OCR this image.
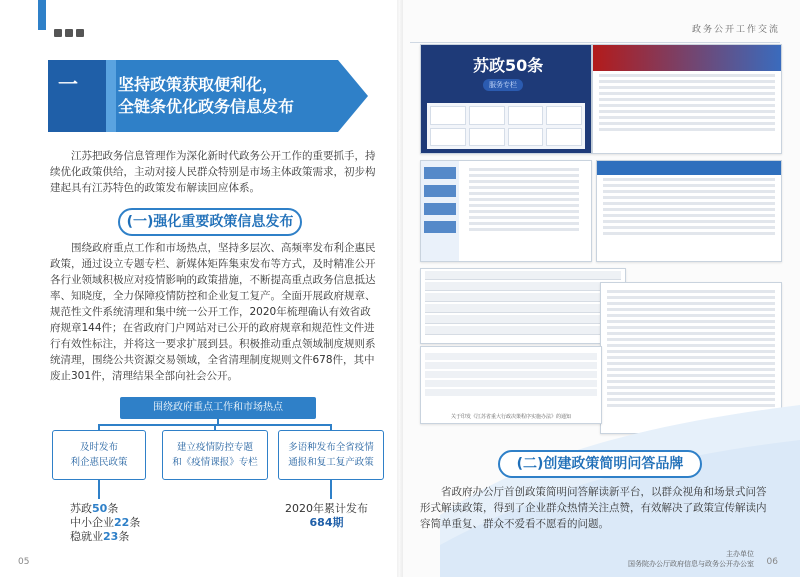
政务公开工作交流
一	坚持政策获取便利化，
全链条优化政务信息发布
江苏把政务信息管理作为深化新时代政务公开工作的重要抓手，持续优化政策供给，主动对接人民群众特别是市场主体政策需求，初步构建起具有江苏特色的政策发布解读回应体系。
(一)强化重要政策信息发布
围绕政府重点工作和市场热点，坚持多层次、高频率发布利企惠民政策，通过设立专题专栏、新媒体矩阵集束发布等方式，及时精准公开各行业领域积极应对疫情影响的政策措施，不断提高重点政务信息抵达率、知晓度，全力保障疫情防控和企业复工复产。全面开展政府规章、规范性文件系统清理和集中统一公开工作，2020年梳理确认有效省政府规章144件；在省政府门户网站对已公开的政府规章和规范性文件进行有效性标注，并将这一要求扩展到县。积极推动重点领域制度规则系统清理，围绕公共资源交易领域，全省清理制度规则文件678件，其中废止301件，清理结果全部向社会公开。
围绕政府重点工作和市场热点
及时发布
利企惠民政策
建立疫情防控专题
和《疫情课报》专栏
多语种发布全省疫情
通报和复工复产政策
苏政50条
中小企业22条
稳就业23条
2020年累计发布
684期
苏政50条
服务专栏
关于印发《江苏省重大行政决策程序实施办法》的通知
(二)创建政策简明问答品牌
省政府办公厅首创政策简明问答解读新平台，以群众视角和场景式问答形式解读政策，得到了企业群众热情关注点赞，有效解决了政策宣传解读内容简单重复、群众不爱看不愿看的问题。
05	06
主办单位
国务院办公厅政府信息与政务公开办公室
